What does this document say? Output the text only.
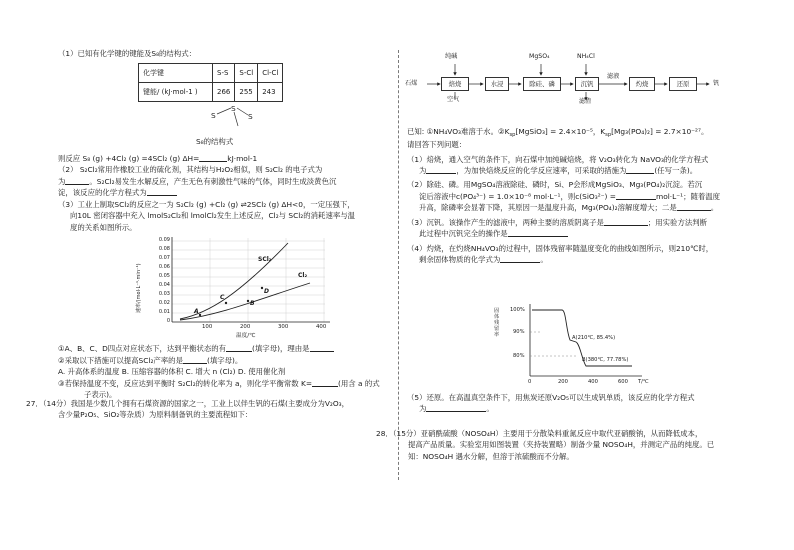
（1）已知有化学键的键能及S₈的结构式：
化学键	S-S	S-Cl	Cl-Cl
键能/ (kJ·mol-1 )	266	255	243
S
S
S
S₈的结构式
则反应 S₈ (g) +4Cl₂ (g) =4SCl₂ (g) ΔH=	kJ·mol-1
（2） S₂Cl₂常用作橡胶工业的硫化剂，其结构与H₂O₂相似，则 S₂Cl₂ 的电子式为
为	。S₂Cl₂易发生水解反应，产生无色有刺激性气味的气体，同时生成淡黄色沉
淀，该反应的化学方程式为
（3）工业上制取SCl₂的反应之一为 S₂Cl₂ (g) +Cl₂ (g) ⇌2SCl₂ (g) ΔH<0，一定压强下，
向10L 密闭容器中充入 lmolS₂Cl₂和 lmolCl₂发生上述反应，Cl₂与 SCl₂的消耗速率与温
度的关系如图所示。
0.09
0.08
0.07
0.06
0.05
0.04
0.03
0.02
0.01
0
速率/(mol·L⁻¹·min⁻¹)
100	200	300	400
温度/℃
SCl₂
Cl₂
A
B
C
D
①A、B、C、D四点对应状态下，达到平衡状态的有	(填字母)，理由是
②采取以下措施可以提高SCl₂产率的是	(填字母)。
A. 升高体系的温度 B. 压缩容器的体积 C. 增大 n (Cl₂) D. 使用催化剂
③若保持温度不变，反应达到平衡时 S₂Cl₂的转化率为 a，则化学平衡常数 K=	(用含 a 的式
子表示)。
27．（14分）我国是少数几个拥有石煤资源的国家之一，工业上以伴生钒的石煤(主要成分为V₂O₃，
含少量P₂O₅、SiO₂等杂质）为原料制备钒的主要流程如下：
纯碱	MgSO₄	NH₄Cl
石煤	焙烧	水浸	除硅、磷	沉钒	灼烧	还原	钒
滤液
空气	滤渣
已知: ①NH₄VO₃难溶于水。$②K_{sp}[MgSiO_3] = 2.4\times 10^{-5}$，$K_{sp}[Mg_3(PO_4)_2] = 2.7\times 10^{-27}$。
请回答下列问题：
（1）焙烧，通入空气的条件下，向石煤中加纯碱焙烧，将 V₂O₃转化为 NaVO₃的化学方程式
为	，为加快焙烧反应的化学反应速率，可采取的措施为	(任写一条)。
（2）除硅、磷。用MgSO₄溶液除硅、磷时，Si、P会形成MgSiO₃、Mg₃(PO₄)₂沉淀。若沉
淀后溶液中c(PO₄³⁻) = 1.0×10⁻⁸ mol·L⁻¹，则c(SiO₃²⁻) =	mol·L⁻¹；随着温度
升高，除磷率会显著下降，其原因一是温度升高，Mg₃(PO₄)₂溶解度增大；二是	。
（3）沉钒。该操作产生的滤液中，两种主要的溶质阴离子是	；用实验方法判断
此过程中沉钒完全的操作是
（4）灼烧，在灼烧NH₄VO₃的过程中，固体残留率随温度变化的曲线如图所示，则210℃时，
剩余固体物质的化学式为	。
100%
90%
80%
固体残留率
0	200	400	600 T/℃
A(210℃, 85.4%)
B(380℃, 77.78%)
（5）还原。在高温真空条件下，用焦炭还原V₂O₅可以生成钒单质，该反应的化学方程式
为	。
28．（15分）亚硝酰硫酸（NOSO₄H）主要用于分散染料重氮反应中取代亚硝酸钠，从而降低成本，
提高产品质量。实验室用如图装置（夹持装置略）制备少量 NOSO₄H，并测定产品的纯度。已
知：NOSO₄H 遇水分解，但溶于浓硫酸而不分解。
